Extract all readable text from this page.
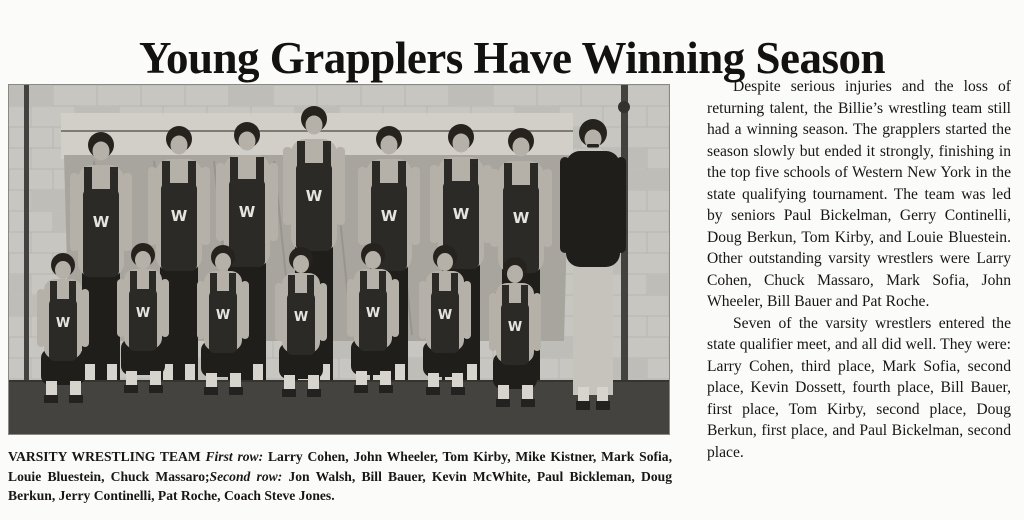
Young Grapplers Have Winning Season
W	W	W
W
W	W	W
W
W	W	W	W	W
W

VARSITY WRESTLING TEAM First row: Larry Cohen, John Wheeler, Tom Kirby, Mike Kistner, Mark Sofia, Louie Bluestein, Chuck Massaro;Second row: Jon Walsh, Bill Bauer, Kevin McWhite, Paul Bickleman, Doug Berkun, Jerry Continelli, Pat Roche, Coach Steve Jones.

Despite serious injuries and the loss of returning talent, the Billie’s wrestling team still had a winning season. The grapplers started the season slowly but ended it strongly, finishing in the top five schools of Western New York in the state qualifying tournament. The team was led by seniors Paul Bickelman, Gerry Continelli, Doug Berkun, Tom Kirby, and Louie Bluestein. Other outstanding varsity wrestlers were Larry Cohen, Chuck Massaro, Mark Sofia, John Wheeler, Bill Bauer and Pat Roche.

Seven of the varsity wrestlers entered the state qualifier meet, and all did well. They were: Larry Cohen, third place, Mark Sofia, second place, Kevin Dossett, fourth place, Bill Bauer, first place, Tom Kirby, second place, Doug Berkun, first place, and Paul Bickelman, second place.
